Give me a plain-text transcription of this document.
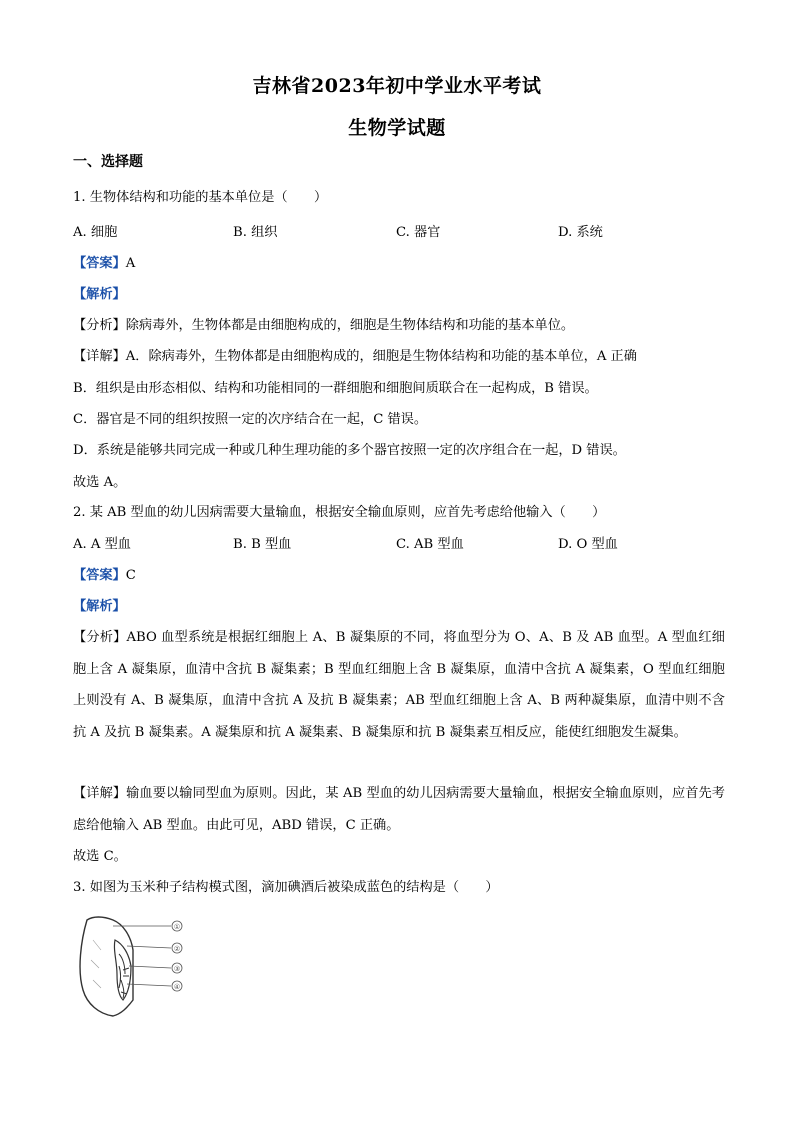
吉林省2023年初中学业水平考试
生物学试题
一、选择题
1. 生物体结构和功能的基本单位是（　　）
A. 细胞	B. 组织	C. 器官	D. 系统
【答案】A
【解析】
【分析】除病毒外，生物体都是由细胞构成的，细胞是生物体结构和功能的基本单位。
【详解】A．除病毒外，生物体都是由细胞构成的，细胞是生物体结构和功能的基本单位，A 正确
B．组织是由形态相似、结构和功能相同的一群细胞和细胞间质联合在一起构成，B 错误。
C．器官是不同的组织按照一定的次序结合在一起，C 错误。
D．系统是能够共同完成一种或几种生理功能的多个器官按照一定的次序组合在一起，D 错误。
故选 A。
2. 某 AB 型血的幼儿因病需要大量输血，根据安全输血原则，应首先考虑给他输入（　　）
A. A 型血	B. B 型血	C. AB 型血	D. O 型血
【答案】C
【解析】
【分析】ABO 血型系统是根据红细胞上 A、B 凝集原的不同，将血型分为 O、A、B 及 AB 血型。A 型血红细胞上含 A 凝集原，血清中含抗 B 凝集素；B 型血红细胞上含 B 凝集原，血清中含抗 A 凝集素，O 型血红细胞上则没有 A、B 凝集原，血清中含抗 A 及抗 B 凝集素；AB 型血红细胞上含 A、B 两种凝集原，血清中则不含抗 A 及抗 B 凝集素。A 凝集原和抗 A 凝集素、B 凝集原和抗 B 凝集素互相反应，能使红细胞发生凝集。
【详解】输血要以输同型血为原则。因此，某 AB 型血的幼儿因病需要大量输血，根据安全输血原则，应首先考虑给他输入 AB 型血。由此可见，ABD 错误，C 正确。
故选 C。
3. 如图为玉米种子结构模式图，滴加碘酒后被染成蓝色的结构是（　　）
①
②
③
④
